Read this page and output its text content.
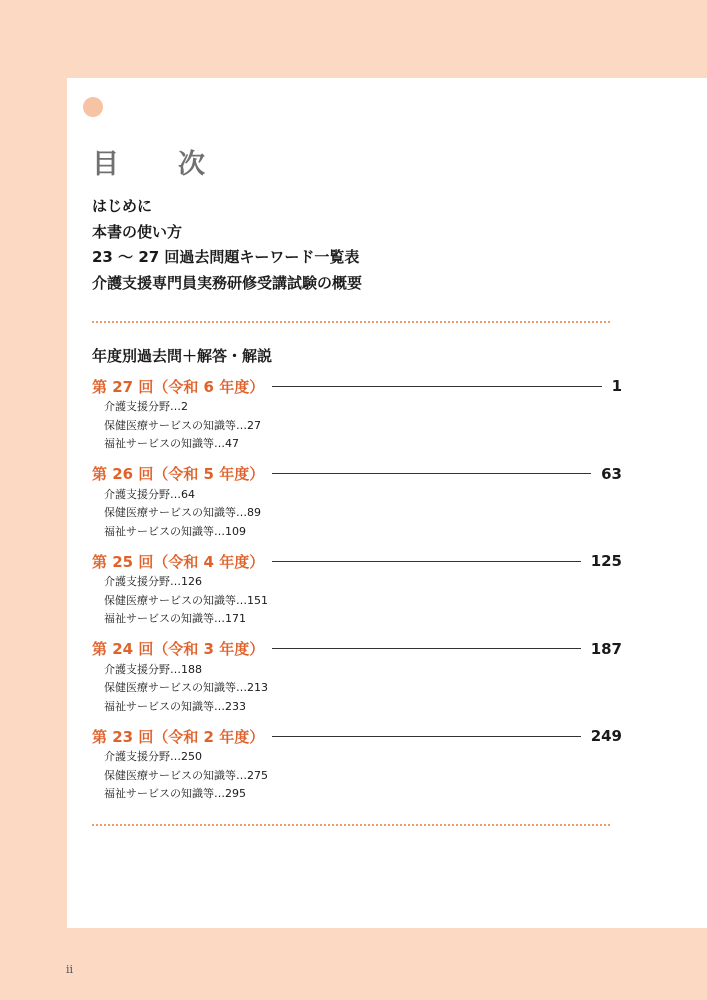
目　次
はじめに
本書の使い方
23 〜 27 回過去問題キーワード一覧表
介護支援専門員実務研修受講試験の概要
年度別過去問＋解答・解説
第 27 回（令和 6 年度）	1
介護支援分野…2
保健医療サービスの知識等…27
福祉サービスの知識等…47
第 26 回（令和 5 年度）	63
介護支援分野…64
保健医療サービスの知識等…89
福祉サービスの知識等…109
第 25 回（令和 4 年度）	125
介護支援分野…126
保健医療サービスの知識等…151
福祉サービスの知識等…171
第 24 回（令和 3 年度）	187
介護支援分野…188
保健医療サービスの知識等…213
福祉サービスの知識等…233
第 23 回（令和 2 年度）	249
介護支援分野…250
保健医療サービスの知識等…275
福祉サービスの知識等…295
ii
